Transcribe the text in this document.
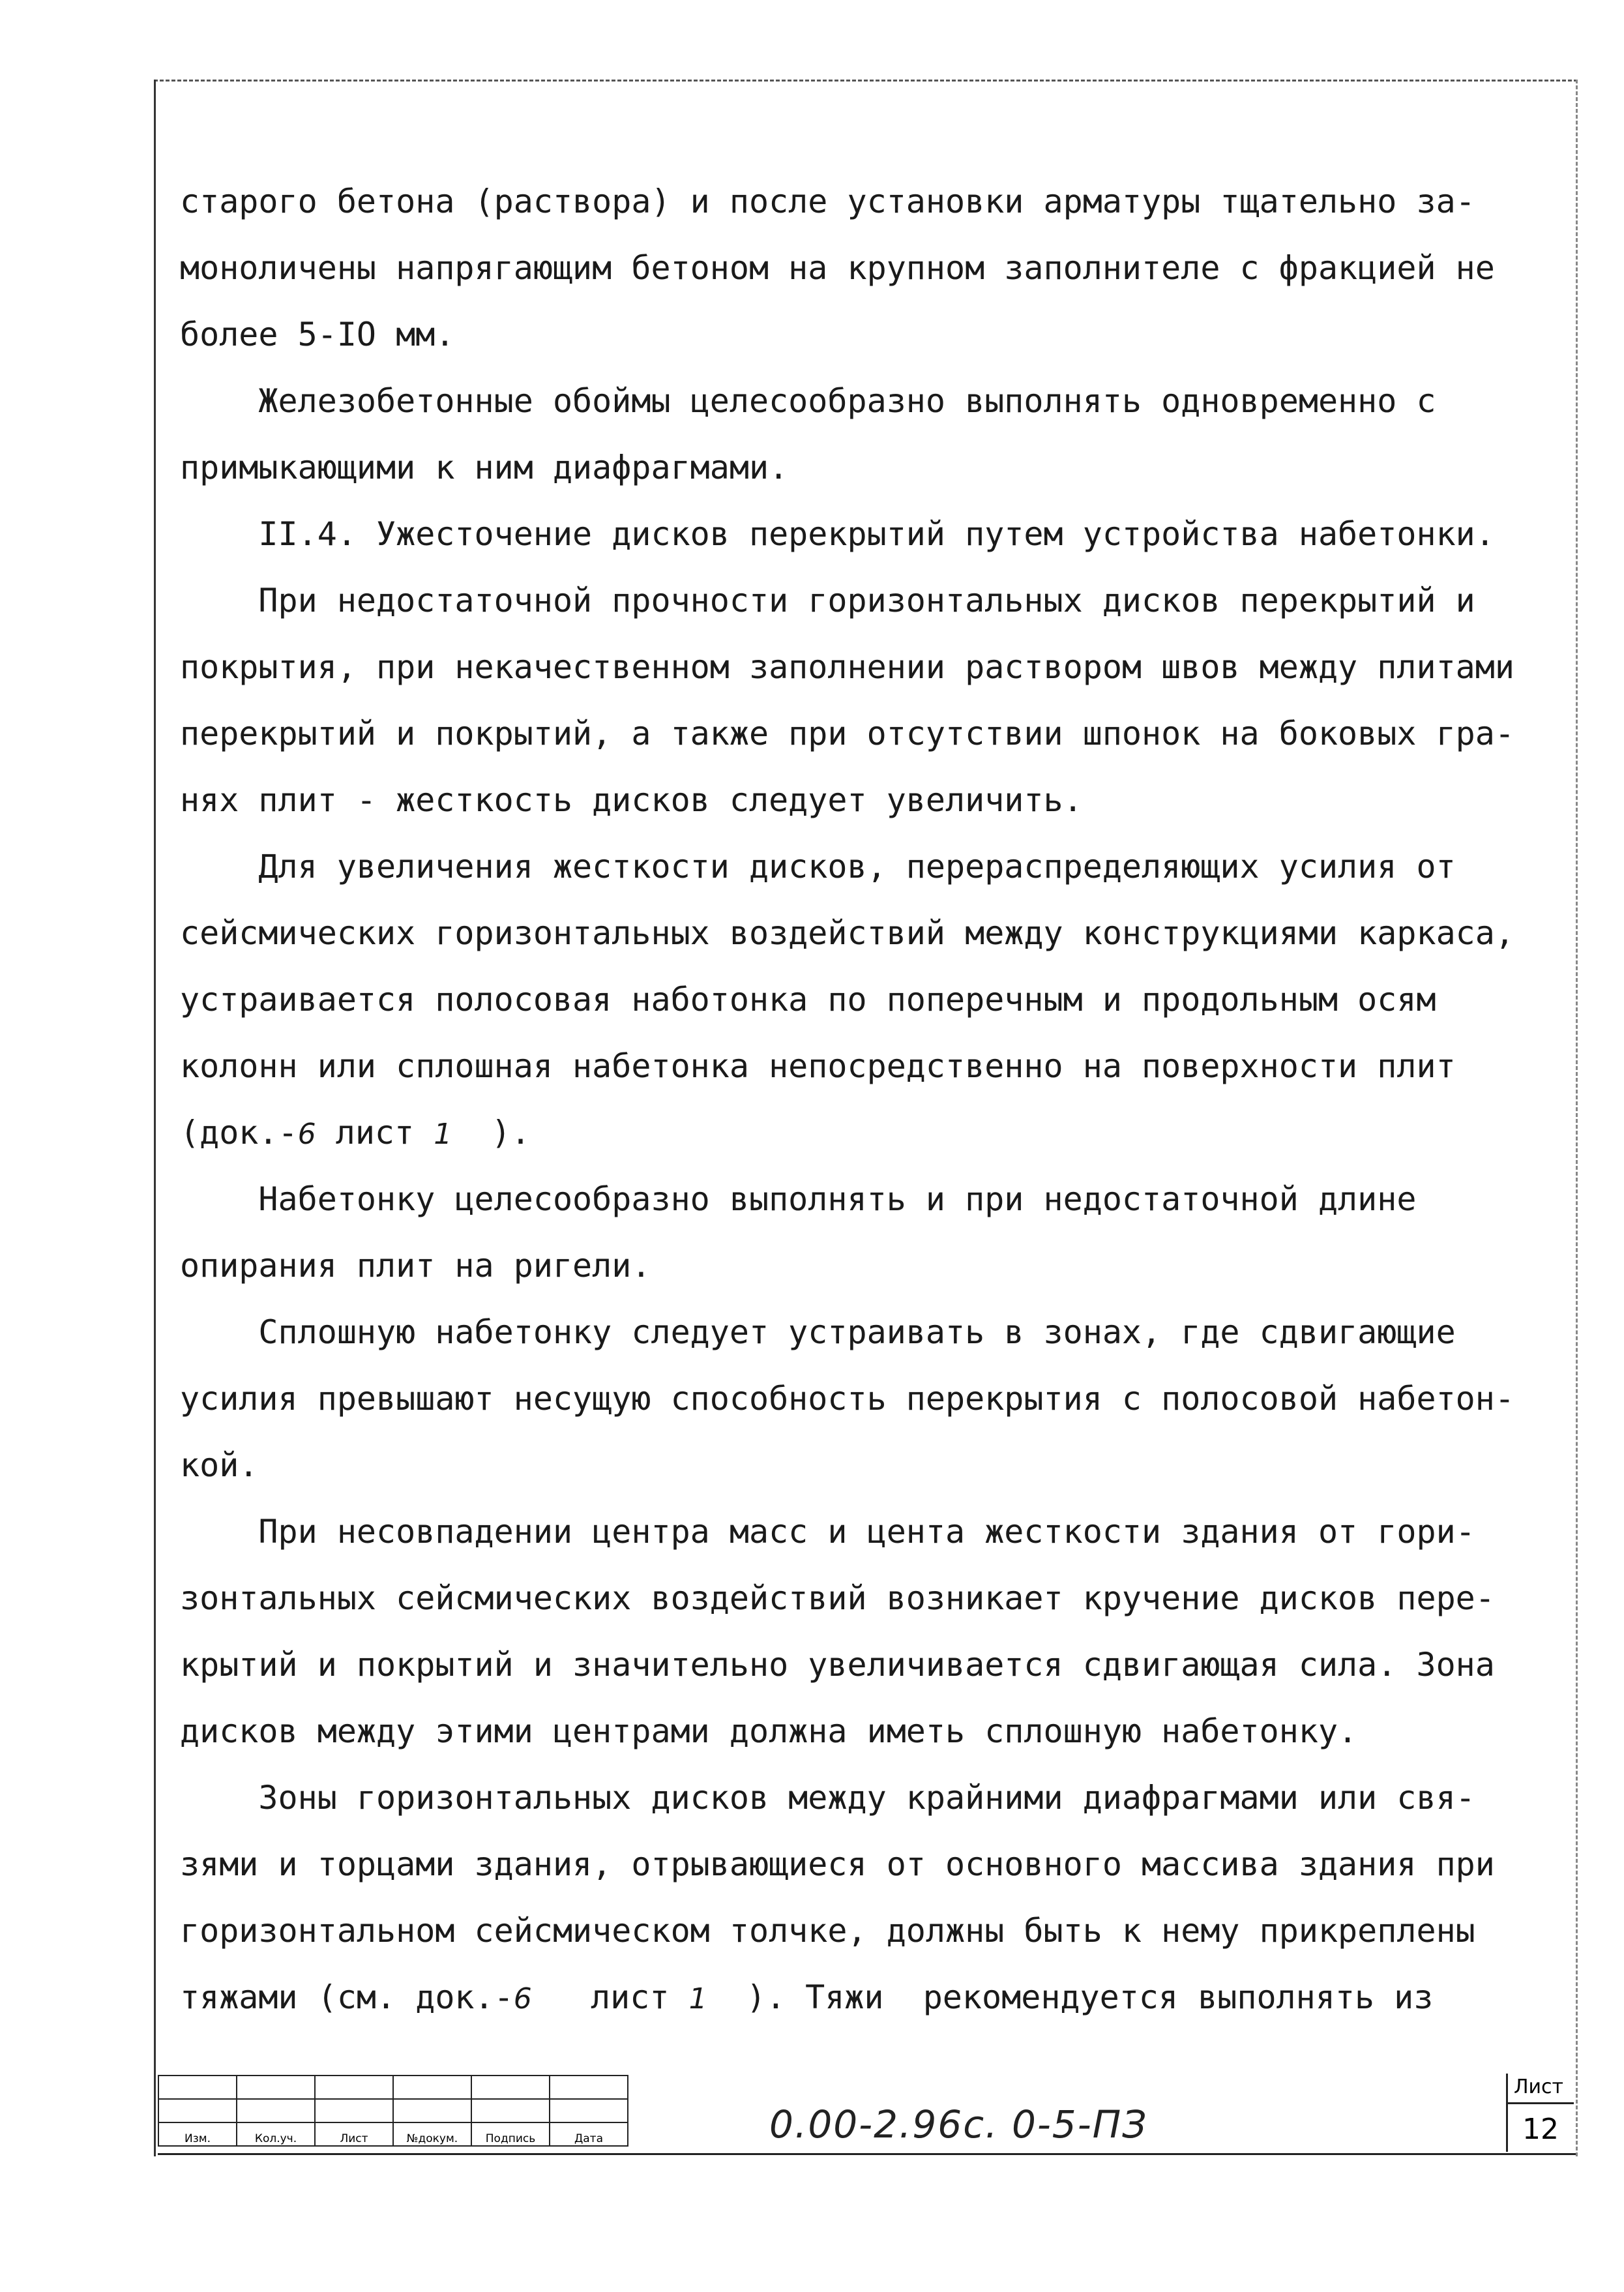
старого бетона (раствора) и после установки арматуры тщательно за-
моноличены напрягающим бетоном на крупном заполнителе с фракцией не
более 5-IO мм.
Железобетонные обоймы целесообразно выполнять одновременно с
примыкающими к ним диафрагмами.
II.4. Ужесточение дисков перекрытий путем устройства набетонки.
При недостаточной прочности горизонтальных дисков перекрытий и
покрытия, при некачественном заполнении раствором швов между плитами
перекрытий и покрытий, а также при отсутствии шпонок на боковых гра-
нях плит - жесткость дисков следует увеличить.
Для увеличения жесткости дисков, перераспределяющих усилия от
сейсмических горизонтальных воздействий между конструкциями каркаса,
устраивается полосовая наботонка по поперечным и продольным осям
колонн или сплошная набетонка непосредственно на поверхности плит
(док.-6 лист 1  ).
Набетонку целесообразно выполнять и при недостаточной длине
опирания плит на ригели.
Сплошную набетонку следует устраивать в зонах, где сдвигающие
усилия превышают несущую способность перекрытия с полосовой набетон-
кой.
При несовпадении центра масс и цента жесткости здания от гори-
зонтальных сейсмических воздействий возникает кручение дисков пере-
крытий и покрытий и значительно увеличивается сдвигающая сила. Зона
дисков между этими центрами должна иметь сплошную набетонку.
Зоны горизонтальных дисков между крайними диафрагмами или свя-
зями и торцами здания, отрывающиеся от основного массива здания при
горизонтальном сейсмическом толчке, должны быть к нему прикреплены
тяжами (см. док.-6   лист 1  ). Тяжи  рекомендуется выполнять из

Изм.	Кол.уч.	Лист	№докум.	Подпись	Дата	0.00-2.96с. 0-5-ПЗ
Лист
12
